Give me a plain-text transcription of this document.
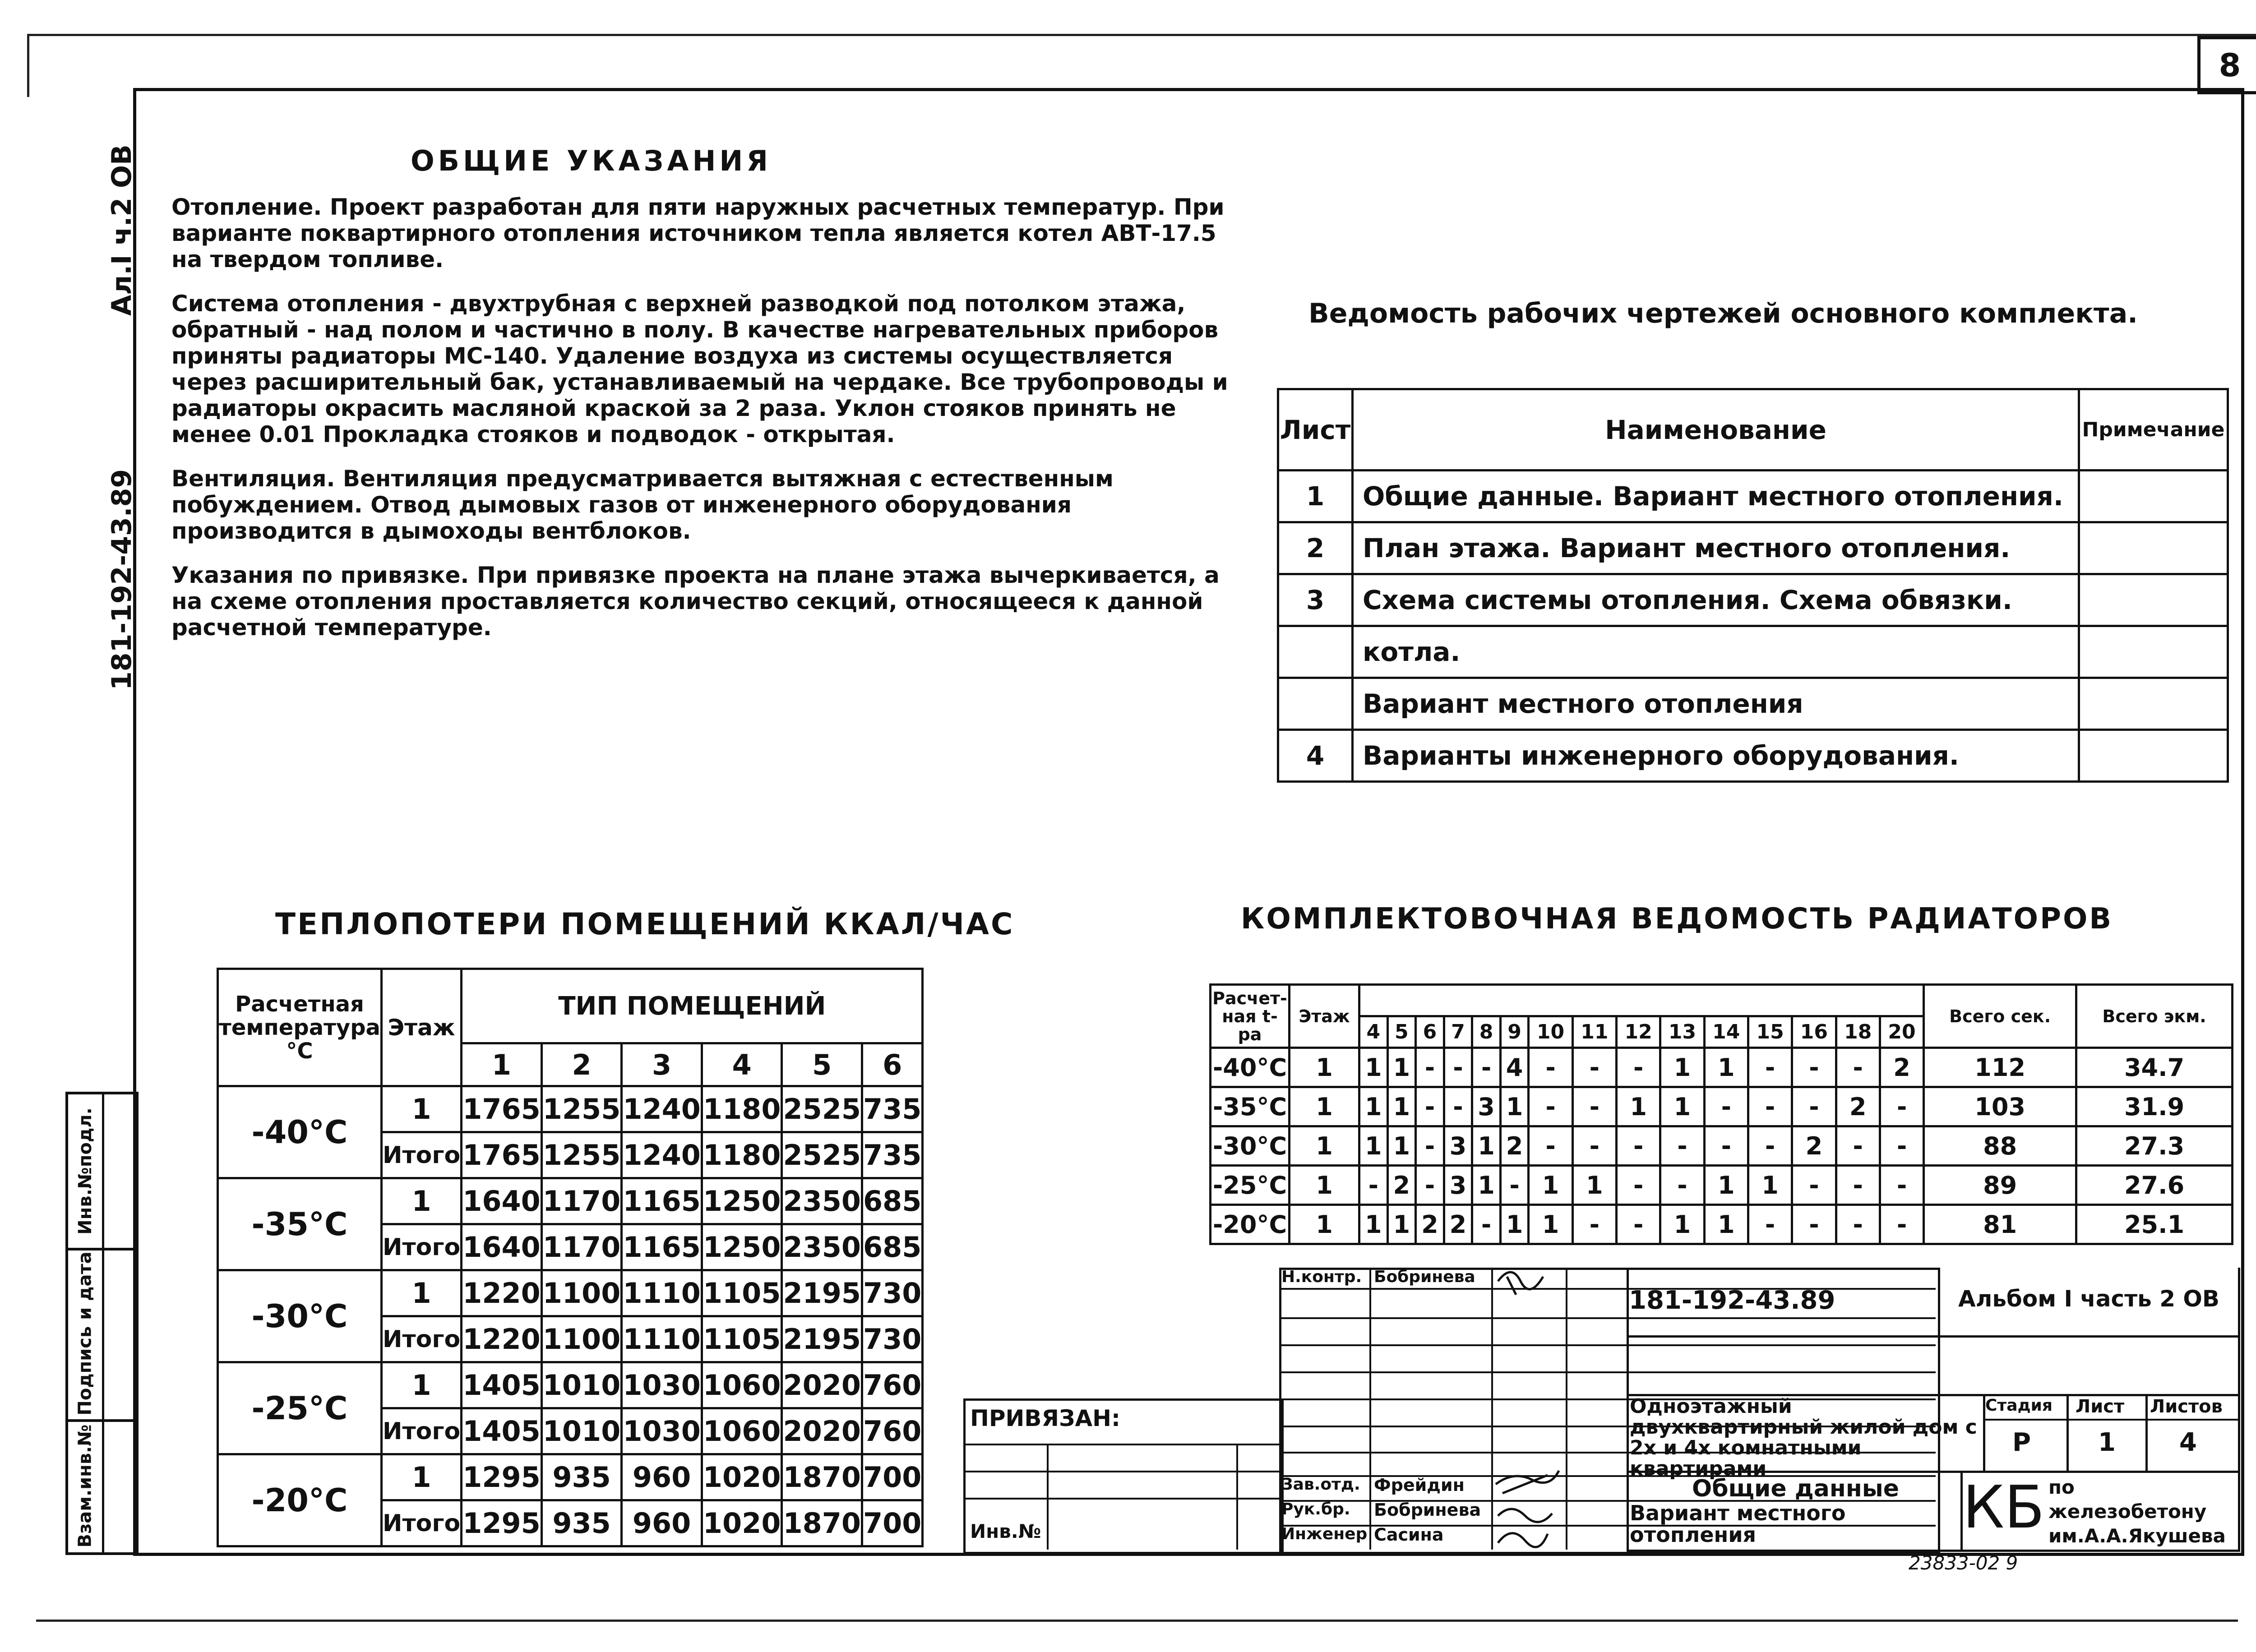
8
181-192-43.89
Ал.I ч.2 ОВ
Инв.№подл.
Подпись и дата
Взам.инв.№
ОБЩИЕ УКАЗАНИЯ

Отопление. Проект разработан для пяти наружных расчетных температур. При варианте поквартирного отопления источником тепла является котел АВТ-17.5 на твердом топливе.

Система отопления - двухтрубная с верхней разводкой под потолком этажа, обратный - над полом и частично в полу. В качестве нагревательных приборов приняты радиаторы МС-140. Удаление воздуха из системы осуществляется через расширительный бак, устанавливаемый на чердаке. Все трубопроводы и радиаторы окрасить масляной краской за 2 раза. Уклон стояков принять не менее 0.01 Прокладка стояков и подводок - открытая.

Вентиляция. Вентиляция предусматривается вытяжная с естественным побуждением. Отвод дымовых газов от инженерного оборудования производится в дымоходы вентблоков.

Указания по привязке. При привязке проекта на плане этажа вычеркивается, а на схеме отопления проставляется количество секций, относящееся к данной расчетной температуре.

Ведомость рабочих чертежей основного комплекта.
Лист	Наименование	Примечание
1	Общие данные. Вариант местного отопления.	
2	План этажа. Вариант местного отопления.	
3	Схема системы отопления. Схема обвязки.	
	котла.	
	Вариант местного отопления	
4	Варианты инженерного оборудования.	
ТЕПЛОПОТЕРИ ПОМЕЩЕНИЙ ККАЛ/ЧАС
Расчетная температура °С	Этаж	ТИП ПОМЕЩЕНИЙ					
		1	2	3	4	5	6
-40°С	1	1765	1255	1240	1180	2525	735
	Итого	1765	1255	1240	1180	2525	735
-35°С	1	1640	1170	1165	1250	2350	685
	Итого	1640	1170	1165	1250	2350	685
-30°С	1	1220	1100	1110	1105	2195	730
	Итого	1220	1100	1110	1105	2195	730
-25°С	1	1405	1010	1030	1060	2020	760
	Итого	1405	1010	1030	1060	2020	760
-20°С	1	1295	935	960	1020	1870	700
	Итого	1295	935	960	1020	1870	700
КОМПЛЕКТОВОЧНАЯ ВЕДОМОСТЬ РАДИАТОРОВ
Расчет-ная t-ра	Этаж																Всего сек.	Всего экм.
		4	5	6	7	8	9	10	11	12	13	14	15	16	18	20		
-40°С	1	1	1	-	-	-	4	-	-	-	1	1	-	-	-	2	112	34.7
-35°С	1	1	1	-	-	3	1	-	-	1	1	-	-	-	2	-	103	31.9
-30°С	1	1	1	-	3	1	2	-	-	-	-	-	-	2	-	-	88	27.3
-25°С	1	-	2	-	3	1	-	1	1	-	-	1	1	-	-	-	89	27.6
-20°С	1	1	1	2	2	-	1	1	-	-	1	1	-	-	-	-	81	25.1
Н.контр. Бобринева
Зав.отд. Фрейдин
Рук.бр. Бобринева
Инженер Сасина
ПРИВЯЗАН:
Инв.№
181-192-43.89	Альбом I часть 2 ОВ
Одноэтажный двухквартирный жилой дом с 2х и 4х комнатными квартирами
Стадия Лист Листов
Р	1	4
Общие данные
Вариант местного отопления	КБ по железобетону им.А.А.Якушева
23833-02 9
